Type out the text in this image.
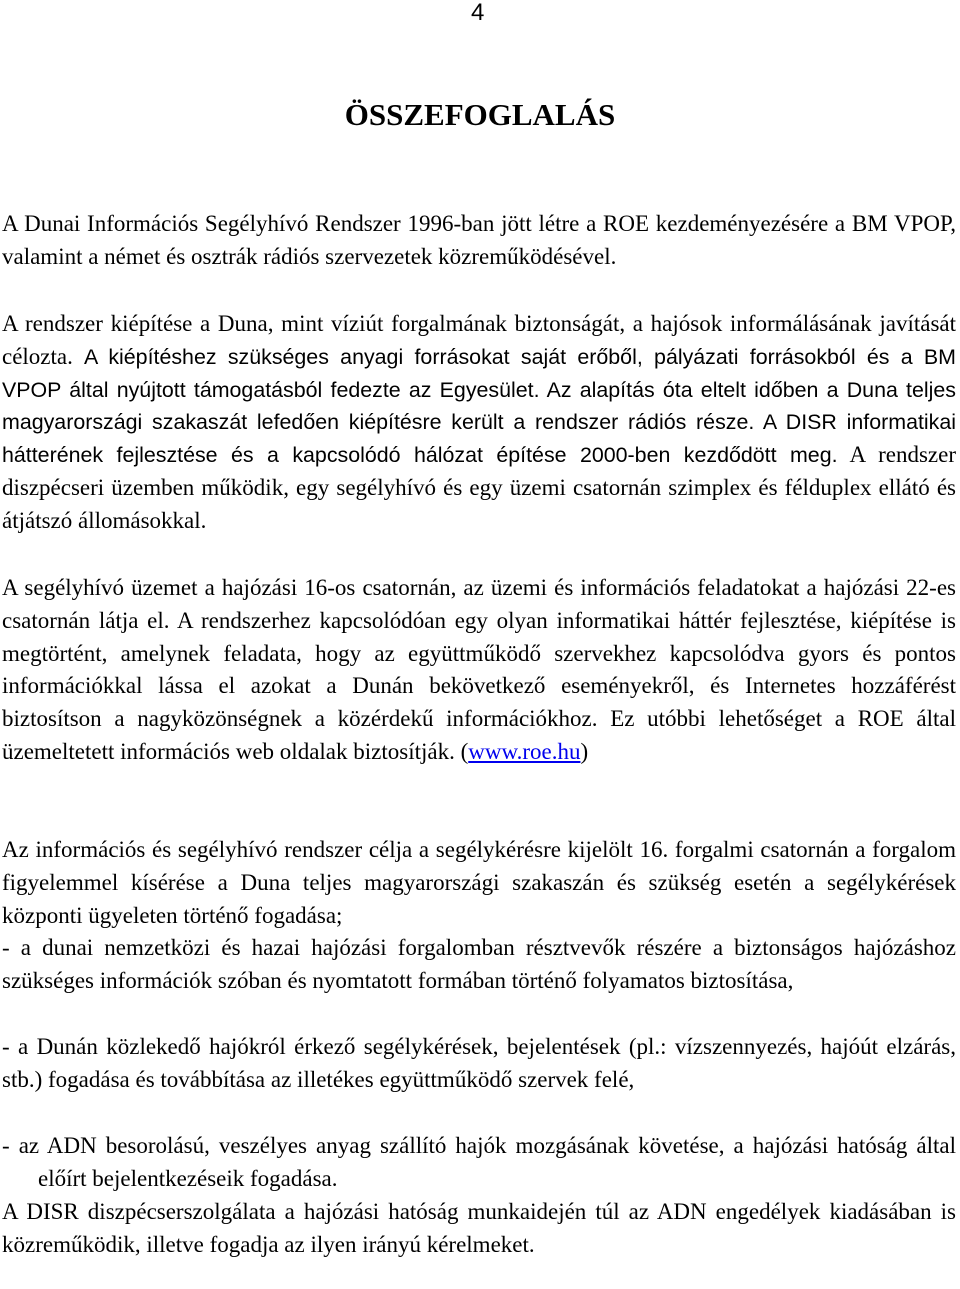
4
ÖSSZEFOGLALÁS

A Dunai Információs Segélyhívó Rendszer 1996-ban jött létre a ROE kezdeményezésére a BM VPOP, valamint a német és osztrák rádiós szervezetek közreműködésével.

A rendszer kiépítése a Duna, mint víziút forgalmának biztonságát, a hajósok informálásának javítását célozta. A kiépítéshez szükséges anyagi forrásokat saját erőből, pályázati forrásokból és a BM VPOP által nyújtott támogatásból fedezte az Egyesület. Az alapítás óta eltelt időben a Duna teljes magyarországi szakaszát lefedően kiépítésre került a rendszer rádiós része. A DISR informatikai hátterének fejlesztése és a kapcsolódó hálózat építése 2000-ben kezdődött meg. A rendszer diszpécseri üzemben működik, egy segélyhívó és egy üzemi csatornán szimplex és félduplex ellátó és átjátszó állomásokkal.

A segélyhívó üzemet a hajózási 16-os csatornán, az üzemi és információs feladatokat a hajózási 22-es csatornán látja el. A rendszerhez kapcsolódóan egy olyan informatikai háttér fejlesztése, kiépítése is megtörtént, amelynek feladata, hogy az együttműködő szervekhez kapcsolódva gyors és pontos információkkal lássa el azokat a Dunán bekövetkező eseményekről, és Internetes hozzáférést biztosítson a nagyközönségnek a közérdekű információkhoz. Ez utóbbi lehetőséget a ROE által üzemeltetett információs web oldalak biztosítják. (www.roe.hu)

Az információs és segélyhívó rendszer célja a segélykérésre kijelölt 16. forgalmi csatornán a forgalom figyelemmel kísérése a Duna teljes magyarországi szakaszán és szükség esetén a segélykérések központi ügyeleten történő fogadása;

- a dunai nemzetközi és hazai hajózási forgalomban résztvevők részére a biztonságos hajózáshoz szükséges információk szóban és nyomtatott formában történő folyamatos biztosítása,

- a Dunán közlekedő hajókról érkező segélykérések, bejelentések (pl.: vízszennyezés, hajóút elzárás, stb.) fogadása és továbbítása az illetékes együttműködő szervek felé,

- az ADN besorolású, veszélyes anyag szállító hajók mozgásának követése, a hajózási hatóság által előírt bejelentkezéseik fogadása.

A DISR diszpécserszolgálata a hajózási hatóság munkaidején túl az ADN engedélyek kiadásában is közreműködik, illetve fogadja az ilyen irányú kérelmeket.
